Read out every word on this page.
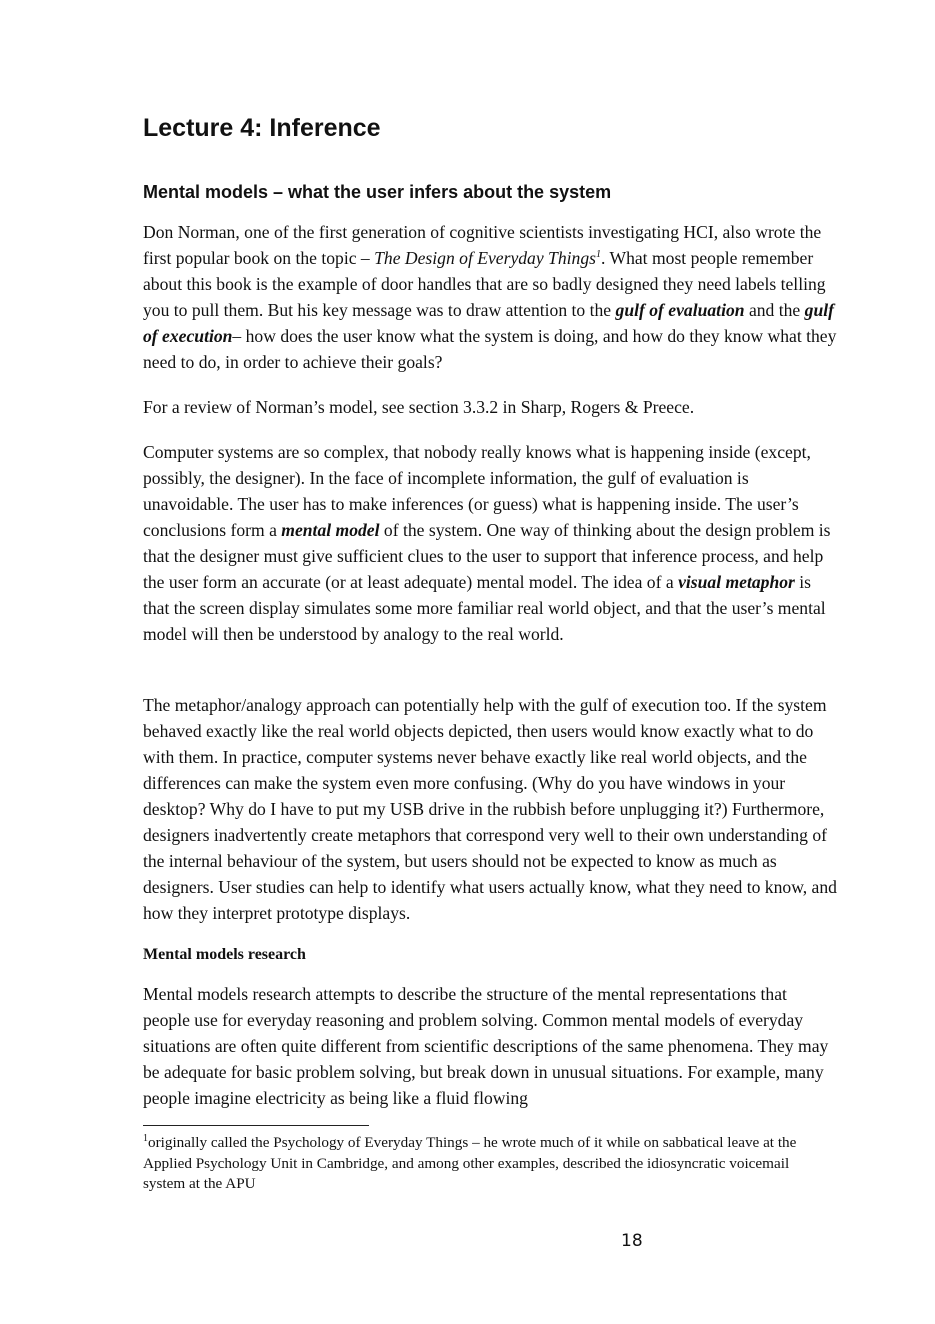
Lecture 4: Inference
Mental models – what the user infers about the system

Don Norman, one of the first generation of cognitive scientists investigating HCI, also wrote the first popular book on the topic – The Design of Everyday Things$^1$. What most people remember about this book is the example of door handles that are so badly designed they need labels telling you to pull them. But his key message was to draw attention to the gulf of evaluation and the gulf of execution– how does the user know what the system is doing, and how do they know what they need to do, in order to achieve their goals?

For a review of Norman’s model, see section 3.3.2 in Sharp, Rogers & Preece.

Computer systems are so complex, that nobody really knows what is happening inside (except, possibly, the designer). In the face of incomplete information, the gulf of evaluation is unavoidable. The user has to make inferences (or guess) what is happening inside. The user’s conclusions form a mental model of the system. One way of thinking about the design problem is that the designer must give sufficient clues to the user to support that inference process, and help the user form an accurate (or at least adequate) mental model. The idea of a visual metaphor is that the screen display simulates some more familiar real world object, and that the user’s mental model will then be understood by analogy to the real world.

The metaphor/analogy approach can potentially help with the gulf of execution too. If the system behaved exactly like the real world objects depicted, then users would know exactly what to do with them. In practice, computer systems never behave exactly like real world objects, and the differences can make the system even more confusing. (Why do you have windows in your desktop? Why do I have to put my USB drive in the rubbish before unplugging it?) Furthermore, designers inadvertently create metaphors that correspond very well to their own understanding of the internal behaviour of the system, but users should not be expected to know as much as designers. User studies can help to identify what users actually know, what they need to know, and how they interpret prototype displays.

Mental models research

Mental models research attempts to describe the structure of the mental representations that people use for everyday reasoning and problem solving. Common mental models of everyday situations are often quite different from scientific descriptions of the same phenomena. They may be adequate for basic problem solving, but break down in unusual situations. For example, many people imagine electricity as being like a fluid flowing

$^1$originally called the Psychology of Everyday Things – he wrote much of it while on sabbatical leave at the Applied Psychology Unit in Cambridge, and among other examples, described the idiosyncratic voicemail system at the APU
18
